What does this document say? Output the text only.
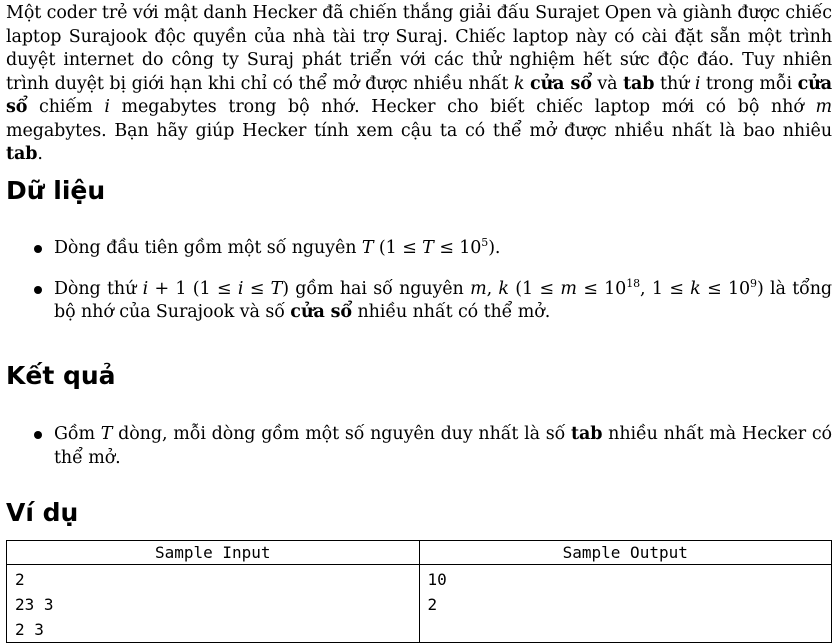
Một coder trẻ với mật danh Hecker đã chiến thắng giải đấu Surajet Open và giành được chiếc laptop Surajook độc quyền của nhà tài trợ Suraj. Chiếc laptop này có cài đặt sẵn một trình duyệt internet do công ty Suraj phát triển với các thử nghiệm hết sức độc đáo. Tuy nhiên trình duyệt bị giới hạn khi chỉ có thể mở được nhiều nhất k cửa sổ và tab thứ i trong mỗi cửa sổ chiếm i megabytes trong bộ nhớ. Hecker cho biết chiếc laptop mới có bộ nhớ m megabytes. Bạn hãy giúp Hecker tính xem cậu ta có thể mở được nhiều nhất là bao nhiêu tab.

Dữ liệu
Dòng đầu tiên gồm một số nguyên T $(1 \le T \le 10^5)$.
Dòng thứ i + 1 (1 ≤ i ≤ T) gồm hai số nguyên m, k ($1 \le m \le 10^{18}$, $1 \le k \le 10^9$) là tổng bộ nhớ của Surajook và số cửa sổ nhiều nhất có thể mở.
Kết quả
Gồm T dòng, mỗi dòng gồm một số nguyên duy nhất là số tab nhiều nhất mà Hecker có thể mở.
Ví dụ
Sample Input	Sample Output

2
23 3
2 3	10
2
